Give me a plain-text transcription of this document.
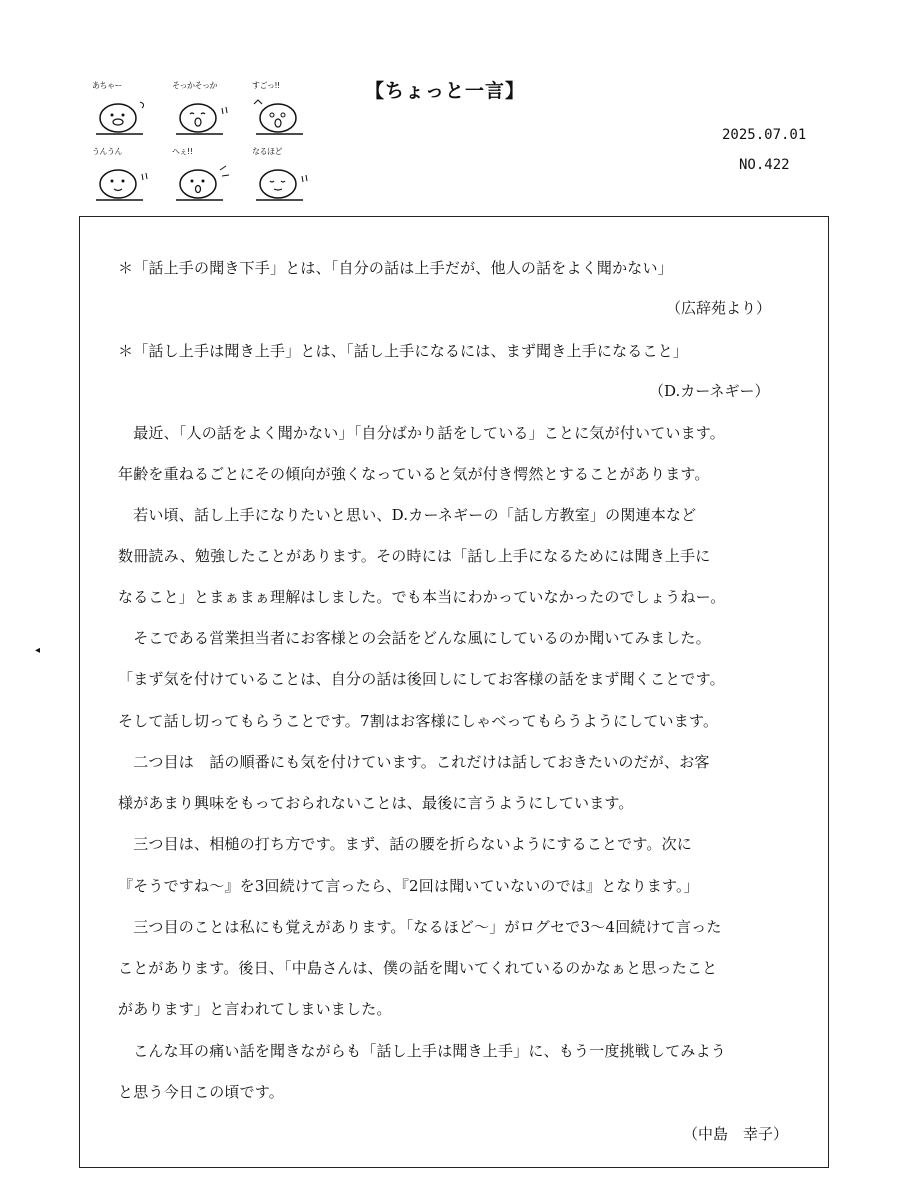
あちゃー	そっかそっか	すごっ!!
うんうん	へぇ!!	なるほど
【ちょっと一言】
2025.07.01
NO.422
◂
＊「話上手の聞き下手」とは、「自分の話は上手だが、他人の話をよく聞かない」
（広辞苑より）
＊「話し上手は聞き上手」とは、「話し上手になるには、まず聞き上手になること」
（D.カーネギー）
　最近、「人の話をよく聞かない」「自分ばかり話をしている」ことに気が付いています。
年齢を重ねるごとにその傾向が強くなっていると気が付き愕然とすることがあります。
　若い頃、話し上手になりたいと思い、D.カーネギーの「話し方教室」の関連本など
数冊読み、勉強したことがあります。その時には「話し上手になるためには聞き上手に
なること」とまぁまぁ理解はしました。でも本当にわかっていなかったのでしょうねー。
　そこである営業担当者にお客様との会話をどんな風にしているのか聞いてみました。
「まず気を付けていることは、自分の話は後回しにしてお客様の話をまず聞くことです。
そして話し切ってもらうことです。7割はお客様にしゃべってもらうようにしています。
　二つ目は　話の順番にも気を付けています。これだけは話しておきたいのだが、お客
様があまり興味をもっておられないことは、最後に言うようにしています。
　三つ目は、相槌の打ち方です。まず、話の腰を折らないようにすることです。次に
『そうですね～』を3回続けて言ったら、『2回は聞いていないのでは』となります。」
　三つ目のことは私にも覚えがあります。「なるほど～」がログセで3～4回続けて言った
ことがあります。後日、「中島さんは、僕の話を聞いてくれているのかなぁと思ったこと
があります」と言われてしまいました。
　こんな耳の痛い話を聞きながらも「話し上手は聞き上手」に、もう一度挑戦してみよう
と思う今日この頃です。
（中島　幸子）
